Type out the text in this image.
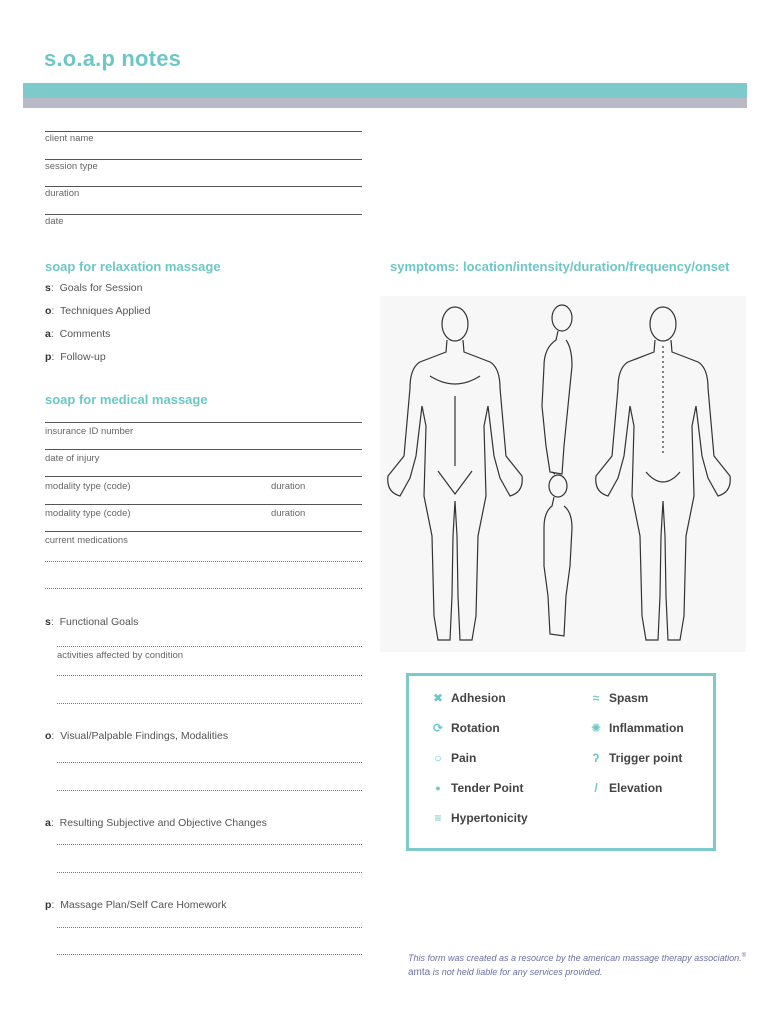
s.o.a.p notes
client name
session type
duration
date
soap for relaxation massage
s:  Goals for Session
o:  Techniques Applied
a:  Comments
p:  Follow-up
soap for medical massage
insurance ID number
date of injury
modality type (code)	duration
modality type (code)	duration
current medications
s:  Functional Goals
activities affected by condition
o:  Visual/Palpable Findings, Modalities
a:  Resulting Subjective and Objective Changes
p:  Massage Plan/Self Care Homework
symptoms: location/intensity/duration/frequency/onset
✖ Adhesion	≈ Spasm
⟳ Rotation	✺ Inflammation
○ Pain	ʔ Trigger point
● Tender Point	/ Elevation
≡ Hypertonicity
This form was created as a resource by the american massage therapy association.®
amta is not held liable for any services provided.
